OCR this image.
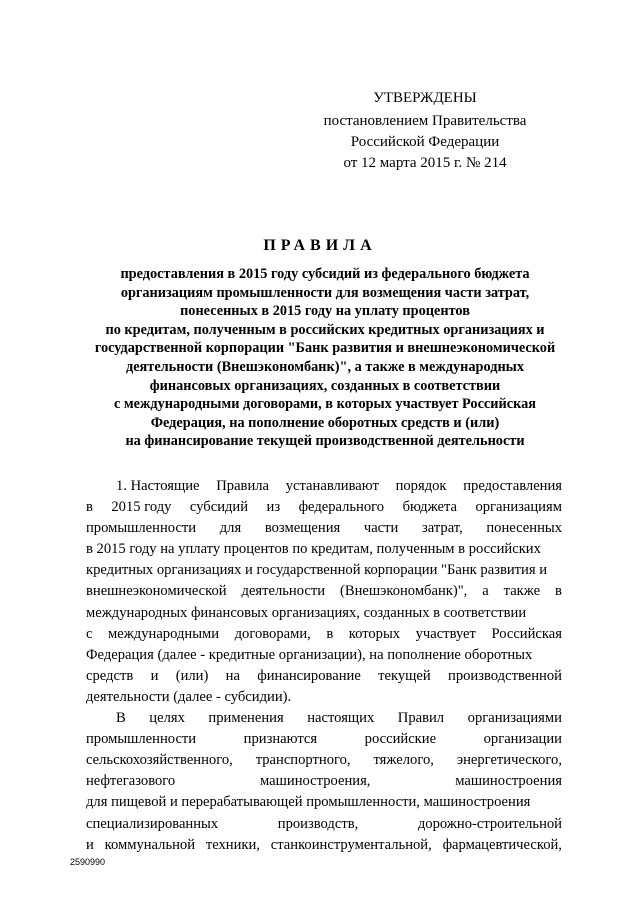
УТВЕРЖДЕНЫ
постановлением Правительства
Российской Федерации
от 12 марта 2015 г. № 214
ПРАВИЛА
предоставления в 2015 году субсидий из федерального бюджета
организациям промышленности для возмещения части затрат,
понесенных в 2015 году на уплату процентов
по кредитам, полученным в российских кредитных организациях и
государственной корпорации "Банк развития и внешнеэкономической
деятельности (Внешэкономбанк)", а также в международных
финансовых организациях, созданных в соответствии
с международными договорами, в которых участвует Российская
Федерация, на пополнение оборотных средств и (или)
на финансирование текущей производственной деятельности
1. Настоящие Правила устанавливают порядок предоставления
в 2015 году субсидий из федерального бюджета организациям
промышленности для возмещения части затрат, понесенных
в 2015 году на уплату процентов по кредитам, полученным в российских
кредитных организациях и государственной корпорации "Банк развития и
внешнеэкономической деятельности (Внешэкономбанк)", а также в
международных финансовых организациях, созданных в соответствии
с международными договорами, в которых участвует Российская
Федерация (далее - кредитные организации), на пополнение оборотных
средств и (или) на финансирование текущей производственной
деятельности (далее - субсидии).
В целях применения настоящих Правил организациями
промышленности	признаются	российские	организации
сельскохозяйственного, транспортного, тяжелого, энергетического,
нефтегазового	машиностроения,	машиностроения
для пищевой и перерабатывающей промышленности, машиностроения
специализированных	производств,	дорожно-строительной
и коммунальной техники, станкоинструментальной, фармацевтической,
2590990
